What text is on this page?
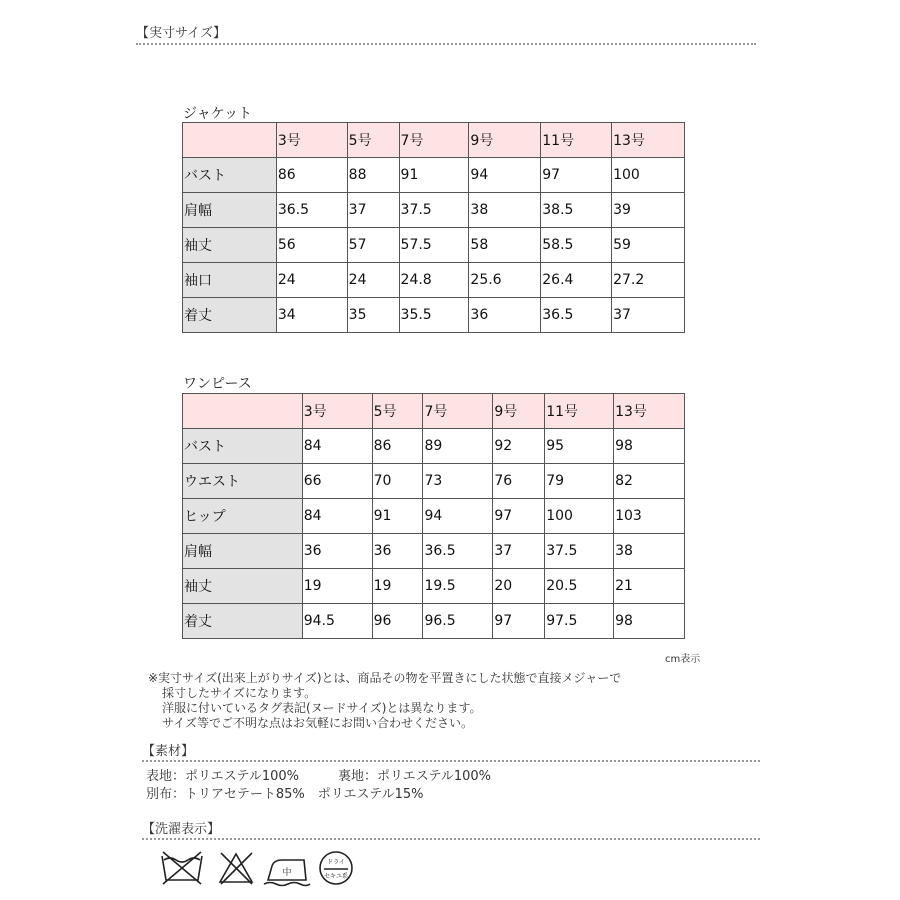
【実寸サイズ】
ジャケット
	3号	5号	7号	9号	11号	13号
バスト	86	88	91	94	97	100
肩幅	36.5	37	37.5	38	38.5	39
袖丈	56	57	57.5	58	58.5	59
袖口	24	24	24.8	25.6	26.4	27.2
着丈	34	35	35.5	36	36.5	37
ワンピース
	3号	5号	7号	9号	11号	13号
バスト	84	86	89	92	95	98
ウエスト	66	70	73	76	79	82
ヒップ	84	91	94	97	100	103
肩幅	36	36	36.5	37	37.5	38
袖丈	19	19	19.5	20	20.5	21
着丈	94.5	96	96.5	97	97.5	98
cm表示
※実寸サイズ(出来上がりサイズ)とは、商品その物を平置きにした状態で直接メジャーで
採寸したサイズになります。
洋服に付いているタグ表記(ヌードサイズ)とは異なります。
サイズ等でご不明な点はお気軽にお問い合わせください。
【素材】
表地：ポリエステル100%　　　裏地：ポリエステル100%
別布：トリアセテート85%　ポリエステル15%
【洗濯表示】
中
ドライ
セキユ系
